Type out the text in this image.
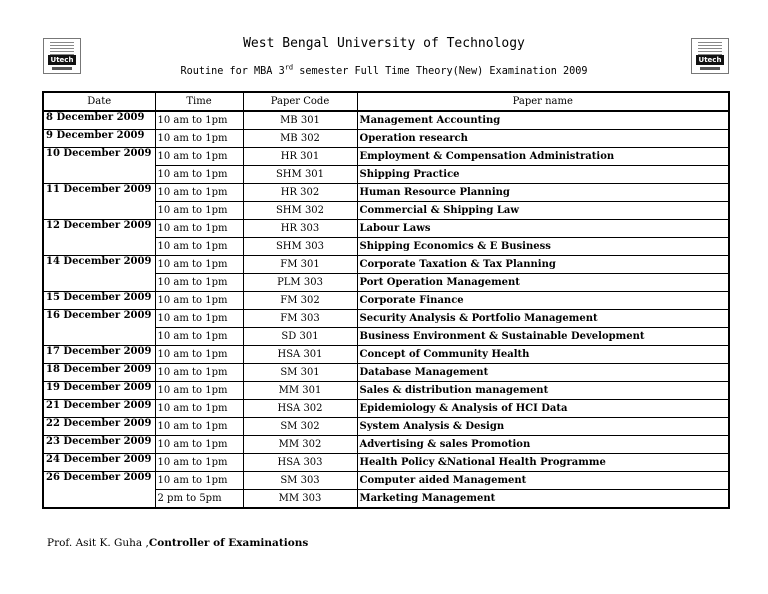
Utech	Utech
West Bengal University of Technology
Routine for MBA 3rd semester Full Time Theory(New) Examination 2009
Date	Time	Paper Code	Paper name
8 December 2009	10 am to 1pm	MB 301	Management Accounting
9 December 2009	10 am to 1pm	MB 302	Operation research
10 December 2009	10 am to 1pm	HR 301	Employment & Compensation Administration
	10 am to 1pm	SHM 301	Shipping Practice
11 December 2009	10 am to 1pm	HR 302	Human Resource Planning
	10 am to 1pm	SHM 302	Commercial & Shipping Law
12 December 2009	10 am to 1pm	HR 303	Labour Laws
	10 am to 1pm	SHM 303	Shipping Economics & E Business
14 December 2009	10 am to 1pm	FM 301	Corporate Taxation & Tax Planning
	10 am to 1pm	PLM 303	Port Operation Management
15 December 2009	10 am to 1pm	FM 302	Corporate Finance
16 December 2009	10 am to 1pm	FM 303	Security Analysis & Portfolio Management
	10 am to 1pm	SD 301	Business Environment & Sustainable Development
17 December 2009	10 am to 1pm	HSA 301	Concept of Community Health
18 December 2009	10 am to 1pm	SM 301	Database Management
19 December 2009	10 am to 1pm	MM 301	Sales & distribution management
21 December 2009	10 am to 1pm	HSA 302	Epidemiology & Analysis of HCI Data
22 December 2009	10 am to 1pm	SM 302	System Analysis & Design
23 December 2009	10 am to 1pm	MM 302	Advertising & sales Promotion
24 December 2009	10 am to 1pm	HSA 303	Health Policy &National Health Programme
26 December 2009	10 am to 1pm	SM 303	Computer aided Management
	2 pm to 5pm	MM 303	Marketing Management
Prof. Asit K. Guha ,Controller of Examinations
